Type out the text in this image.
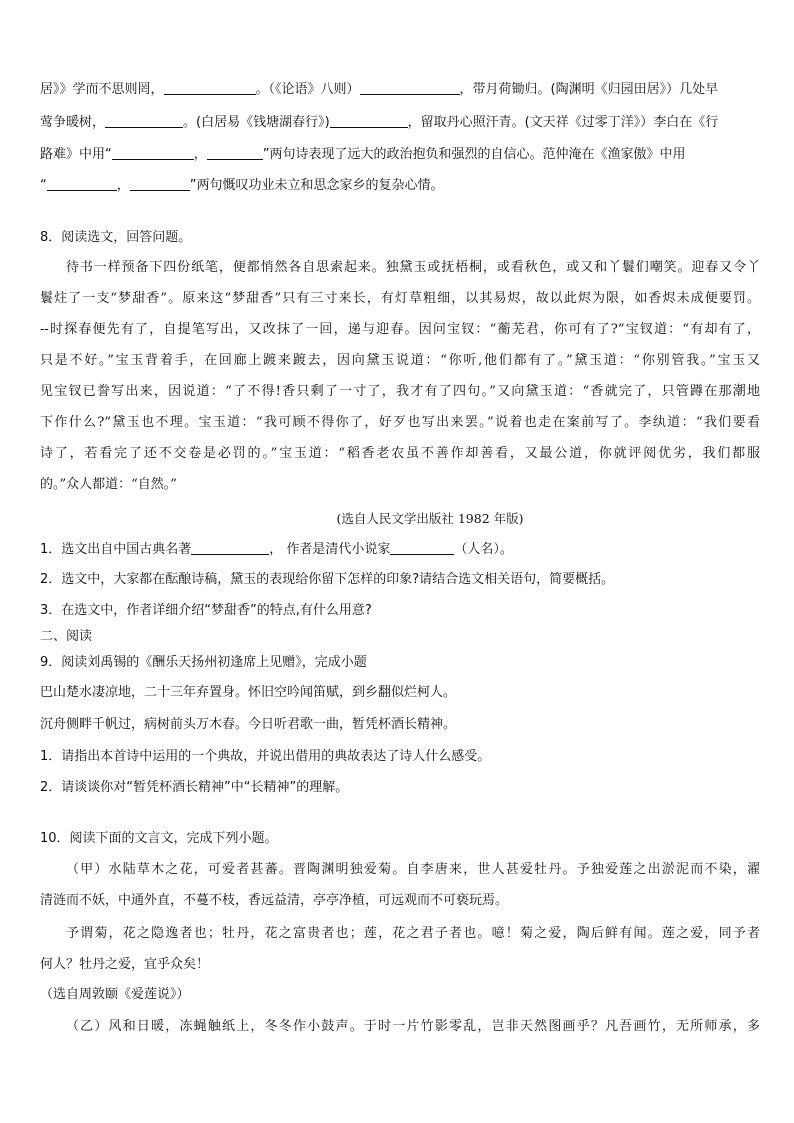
居》》学而不思则罔，	。（《论语》八则）	，带月荷锄归。(陶渊明《归园田居》）几处早
莺争暖树，	。(白居易《钱塘湖春行》)	，留取丹心照汗青。(文天祥《过零丁洋》）李白在《行
路难》中用“	，	”两句诗表现了远大的政治抱负和强烈的自信心。范仲淹在《渔家傲》中用
“	，	”两句慨叹功业未立和思念家乡的复杂心情。
8．阅读选文，回答问题。
待书一样预备下四份纸笔，便都悄然各自思索起来。独黛玉或抚梧桐，或看秋色，或又和丫鬟们嘲笑。迎春又令丫
鬟炷了一支“梦甜香”。原来这“梦甜香”只有三寸来长，有灯草粗细，以其易烬，故以此烬为限，如香烬未成便要罚。
--时探春便先有了，自提笔写出，又改抹了一回，递与迎春。因问宝钗：“蘅芜君，你可有了?”宝钗道：“有却有了，
只是不好。”宝玉背着手，在回廊上踱来踱去，因向黛玉说道：“你听,他们都有了。”黛玉道：“你别管我。”宝玉又
见宝钗已誊写出来，因说道：“了不得!香只剩了一寸了，我才有了四句。”又向黛玉道：“香就完了，只管蹲在那潮地
下作什么?”黛玉也不理。宝玉道：“我可顾不得你了，好歹也写出来罢。”说着也走在案前写了。李纨道：“我们要看
诗了，若看完了还不交卷是必罚的。”宝玉道：“稻香老农虽不善作却善看，又最公道，你就评阅优劣，我们都服
的。”众人都道：“自然。”
(选自人民文学出版社 1982 年版)
1．选文出自中国古典名著	， 作者是清代小说家	（人名）。
2．选文中，大家都在酝酿诗稿，黛玉的表现给你留下怎样的印象?请结合选文相关语句，简要概括。
3．在选文中，作者详细介绍“梦甜香”的特点,有什么用意?
二、阅读
9．阅读刘禹锡的《酬乐天扬州初逢席上见赠》，完成小题
巴山楚水凄凉地，二十三年弃置身。怀旧空吟闻笛赋，到乡翻似烂柯人。
沉舟侧畔千帆过，病树前头万木春。今日听君歌一曲，暂凭杯酒长精神。
1．请指出本首诗中运用的一个典故，并说出借用的典故表达了诗人什么感受。
2．请谈谈你对“暂凭杯酒长精神”中“长精神”的理解。
10．阅读下面的文言文，完成下列小题。
（甲）水陆草木之花，可爱者甚蕃。晋陶渊明独爱菊。自李唐来，世人甚爱牡丹。予独爱莲之出淤泥而不染，濯
清涟而不妖，中通外直，不蔓不枝，香远益清，亭亭净植，可远观而不可亵玩焉。
予谓菊，花之隐逸者也；牡丹，花之富贵者也；莲，花之君子者也。噫！菊之爱，陶后鲜有闻。莲之爱，同予者
何人？牡丹之爱，宜乎众矣！
（选自周敦颐《爱莲说》）
（乙）风和日暖，冻蝇触纸上，冬冬作小鼓声。于时一片竹影零乱，岂非天然图画乎？凡吾画竹，无所师承，多
